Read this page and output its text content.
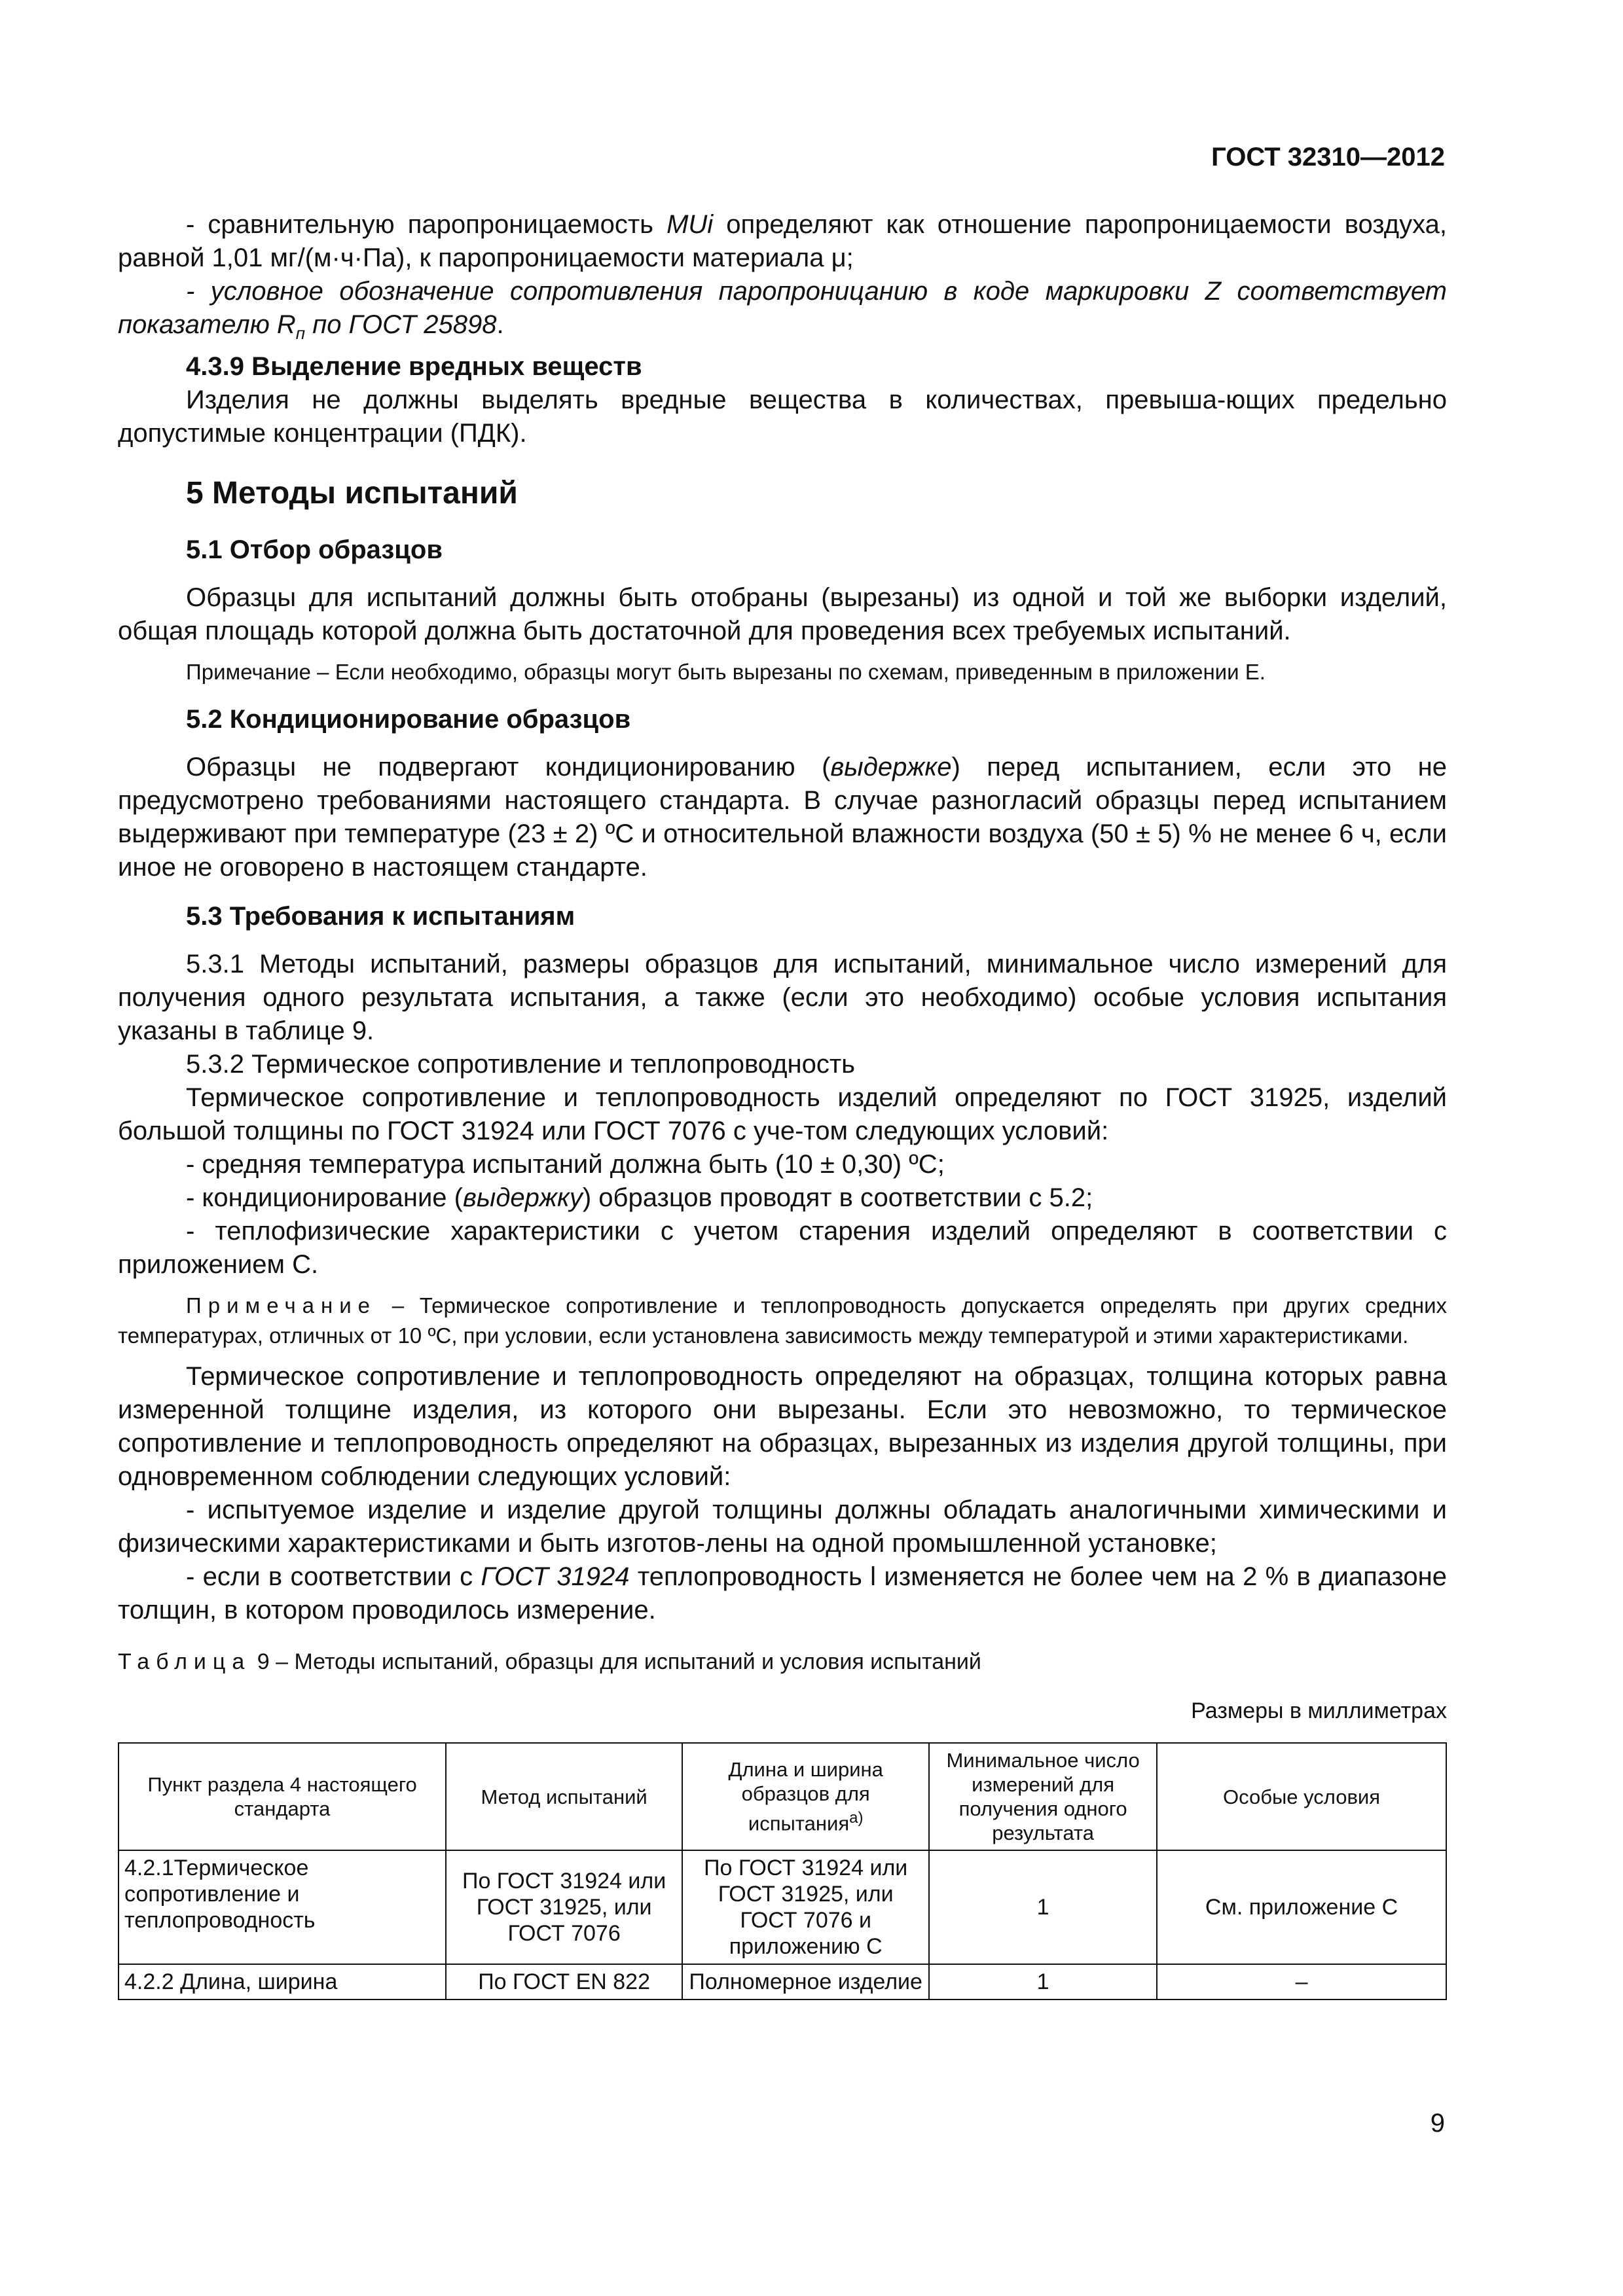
ГОСТ 32310—2012

- сравнительную паропроницаемость MUi определяют как отношение паропроницаемости воздуха, равной 1,01 мг/(м·ч·Па), к паропроницаемости материала μ;

- условное обозначение сопротивления паропроницанию в коде маркировки Z соответствует показателю $R_п$ по ГОСТ 25898.

4.3.9 Выделение вредных веществ

Изделия не должны выделять вредные вещества в количествах, превыша-ющих предельно допустимые концентрации (ПДК).

5 Методы испытаний
5.1 Отбор образцов

Образцы для испытаний должны быть отобраны (вырезаны) из одной и той же выборки изделий, общая площадь которой должна быть достаточной для проведения всех требуемых испытаний.

Примечание – Если необходимо, образцы могут быть вырезаны по схемам, приведенным в приложении Е.

5.2 Кондиционирование образцов

Образцы не подвергают кондиционированию (выдержке) перед испытанием, если это не предусмотрено требованиями настоящего стандарта. В случае разногласий образцы перед испытанием выдерживают при температуре (23 ± 2) ºС и относительной влажности воздуха (50 ± 5) % не менее 6 ч, если иное не оговорено в настоящем стандарте.

5.3 Требования к испытаниям

5.3.1 Методы испытаний, размеры образцов для испытаний, минимальное число измерений для получения одного результата испытания, а также (если это необходимо) особые условия испытания указаны в таблице 9.

5.3.2 Термическое сопротивление и теплопроводность

Термическое сопротивление и теплопроводность изделий определяют по ГОСТ 31925, изделий большой толщины по ГОСТ 31924 или ГОСТ 7076 с уче-том следующих условий:

- средняя температура испытаний должна быть (10 ± 0,30) ºС;

- кондиционирование (выдержку) образцов проводят в соответствии с 5.2;

- теплофизические характеристики с учетом старения изделий определяют в соответствии с приложением С.

Примечание – Термическое сопротивление и теплопроводность допускается определять при других средних температурах, отличных от 10 ºС, при условии, если установлена зависимость между температурой и этими характеристиками.

Термическое сопротивление и теплопроводность определяют на образцах, толщина которых равна измеренной толщине изделия, из которого они вырезаны. Если это невозможно, то термическое сопротивление и теплопроводность определяют на образцах, вырезанных из изделия другой толщины, при одновременном соблюдении следующих условий:

- испытуемое изделие и изделие другой толщины должны обладать аналогичными химическими и физическими характеристиками и быть изготов-лены на одной промышленной установке;

- если в соответствии с ГОСТ 31924 теплопроводность l изменяется не более чем на 2 % в диапазоне толщин, в котором проводилось измерение.

Таблица 9 – Методы испытаний, образцы для испытаний и условия испытаний
Размеры в миллиметрах
Пункт раздела 4 настоящего стандарта	Метод испытаний	Длина и ширина образцов для испытания$^{а)}$	Минимальное число измерений для получения одного результата	Особые условия
4.2.1Термическое сопротивление и теплопроводность	По ГОСТ 31924 или ГОСТ 31925, или ГОСТ 7076	По ГОСТ 31924 или ГОСТ 31925, или ГОСТ 7076 и приложению С	1	См. приложение С
4.2.2 Длина, ширина	По ГОСТ EN 822	Полномерное изделие	1	–
9
